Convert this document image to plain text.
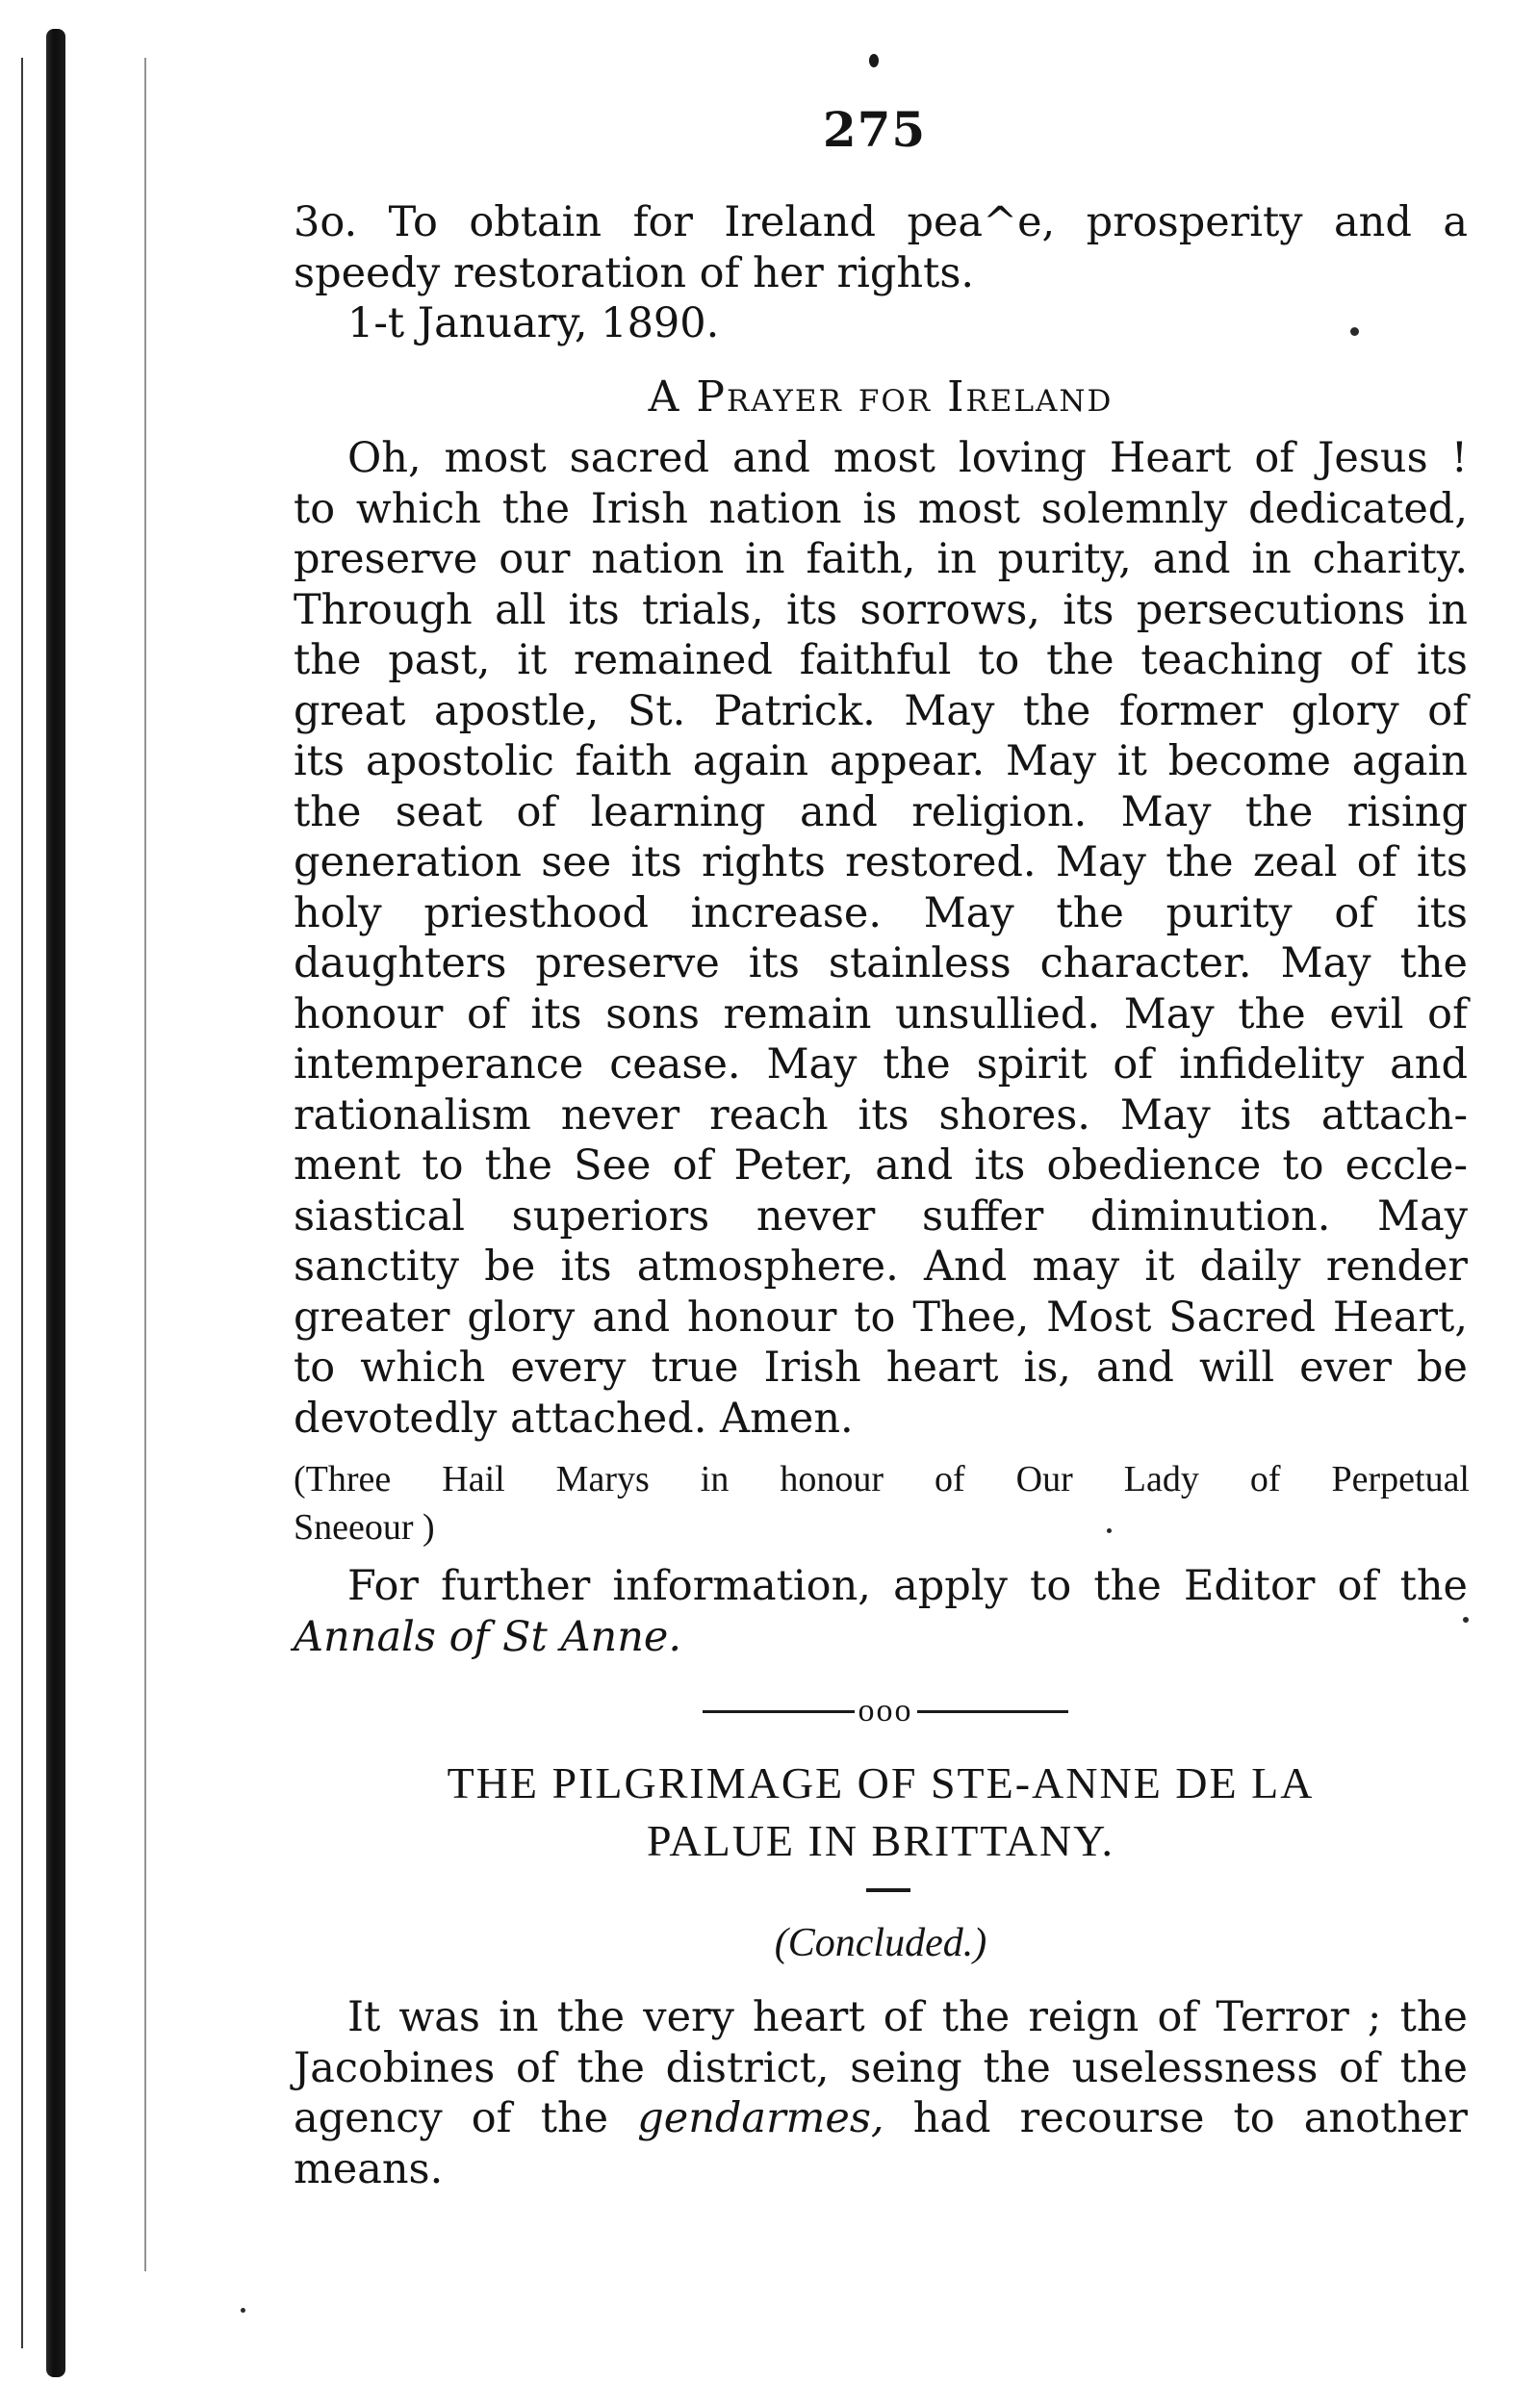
275
3o. To obtain for Ireland pea^e, prosperity and a
speedy restoration of her rights.
1-t January, 1890.
A Prayer for Ireland
Oh, most sacred and most loving Heart of Jesus !
to which the Irish nation is most solemnly dedicated,
preserve our nation in faith, in purity, and in charity.
Through all its trials, its sorrows, its persecutions in
the past, it remained faithful to the teaching of its
great apostle, St. Patrick. May the former glory of
its apostolic faith again appear. May it become again
the seat of learning and religion. May the rising
generation see its rights restored. May the zeal of its
holy priesthood increase. May the purity of its
daughters preserve its stainless character. May the
honour of its sons remain unsullied. May the evil of
intemperance cease. May the spirit of infidelity and
rationalism never reach its shores. May its attach-
ment to the See of Peter, and its obedience to eccle-
siastical superiors never suffer diminution. May
sanctity be its atmosphere. And may it daily render
greater glory and honour to Thee, Most Sacred Heart,
to which every true Irish heart is, and will ever be
devotedly attached. Amen.
(Three Hail Marys in honour of Our Lady of Perpetual
Sneeour )
For further information, apply to the Editor of the
Annals of St Anne.
ooo
THE PILGRIMAGE OF STE-ANNE DE LA
PALUE IN BRITTANY.
(Concluded.)
It was in the very heart of the reign of Terror ; the
Jacobines of the district, seing the uselessness of the
agency of the gendarmes, had recourse to another
means.
